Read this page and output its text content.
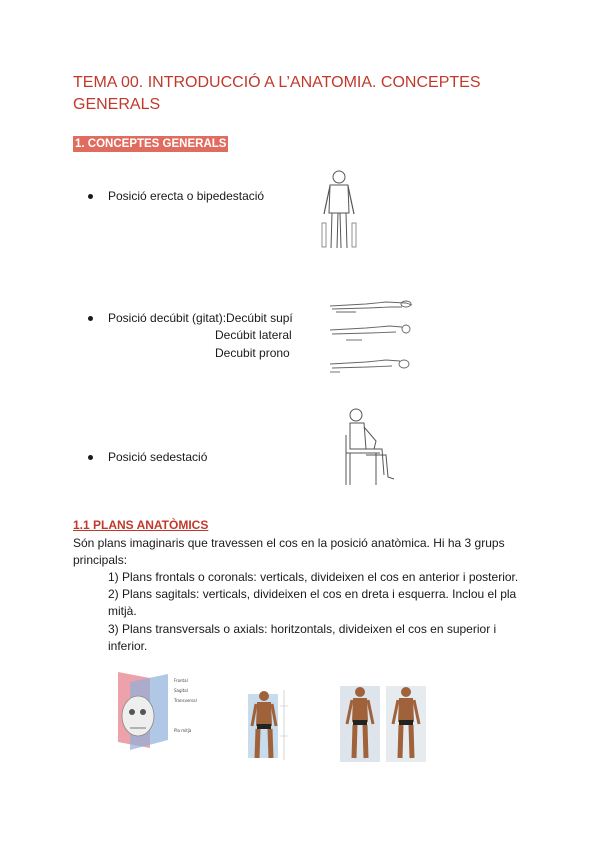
TEMA 00. INTRODUCCIÓ A L’ANATOMIA. CONCEPTES GENERALS
1. CONCEPTES GENERALS
Posició erecta o bipedestació
Posició decúbit (gitat):Decúbit supí
Decúbit lateral
Decubit prono
Posició sedestació
1.1 PLANS ANATÒMICS
Són plans imaginaris que travessen el cos en la posició anatòmica. Hi ha 3 grups principals:
1) Plans frontals o coronals: verticals, divideixen el cos en anterior i posterior.
2) Plans sagitals: verticals, divideixen el cos en dreta i esquerra. Inclou el pla mitjà.
3) Plans transversals o axials: horitzontals, divideixen el cos en superior i inferior.
Frontal
Sagital
Transversal
Pla mitjà
